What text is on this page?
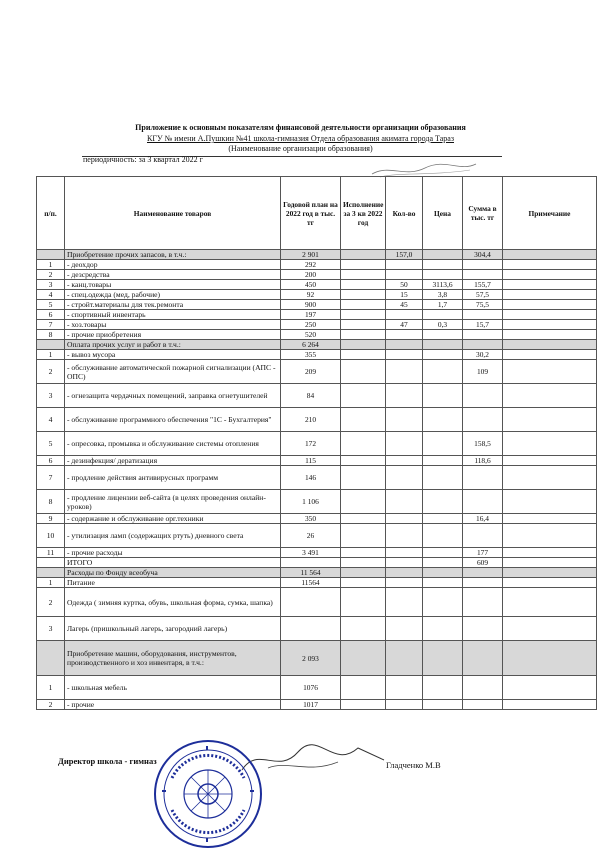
Приложение к основным показателям финансовой деятельности организации образования
КГУ № имени А.Пушкин №41 школа-гимназия Отдела образования акимата города Тараз
(Наименование организации образования)
периодичность: за 3 квартал 2022 г
п/п.	Наименование товаров	Годовой план на 2022 год в тыс. тг	Исполнение за 3 кв 2022 год	Кол-во	Цена	Сумма в тыс. тг	Примечание
	Приобретение прочих запасов, в т.ч.:	2 901		157,0		304,4	
1	- деохдор	292					
2	- дезсредства	200					
3	- канц.товары	450		50	3113,6	155,7	
4	- спец.одежда (мед, рабочие)	92		15	3,8	57,5	
5	- стройт.материалы для тек.ремонта	900		45	1,7	75,5	
6	- спортивный инвентарь	197					
7	- хоз.товары	250		47	0,3	15,7	
8	- прочие приобретения	520					
	Оплата прочих услуг и работ в т.ч.:	6 264					
1	- вывоз мусора	355				30,2	
2	- обслуживание автоматической пожарной сигнализации (АПС - ОПС)	209				109	
3	- огнезащита чердачных помещений, заправка огнетушителей	84					
4	- обслуживание программного обеспечения "1С - Бухгалтерия"	210					
5	- опресовка, промывка и обслуживание системы отопления	172				158,5	
6	- дезинфекция/ дератизация	115				118,6	
7	- продление действия антивирусных программ	146					
8	- продление лицензии веб-сайта (в целях проведения онлайн-уроков)	1 106					
9	- содержание и обслуживание орг.техники	350				16,4	
10	- утилизация ламп (содержащих ртуть) дневного света	26					
11	- прочие расходы	3 491				177	
	ИТОГО					609	
	Расходы по Фонду всеобуча	11 564					
1	Питание	11564					
2	Одежда ( зимняя куртка, обувь, школьная форма, сумка, шапка)						
3	Лагерь (пришкольный лагерь, загородний лагерь)						
	Приобретение машин, оборудования, инструментов, производственного и хоз инвентаря, в т.ч.:	2 093					
1	- школьная мебель	1076					
2	- прочие	1017					
Директор школа - гимназ	Гладченко М.В
